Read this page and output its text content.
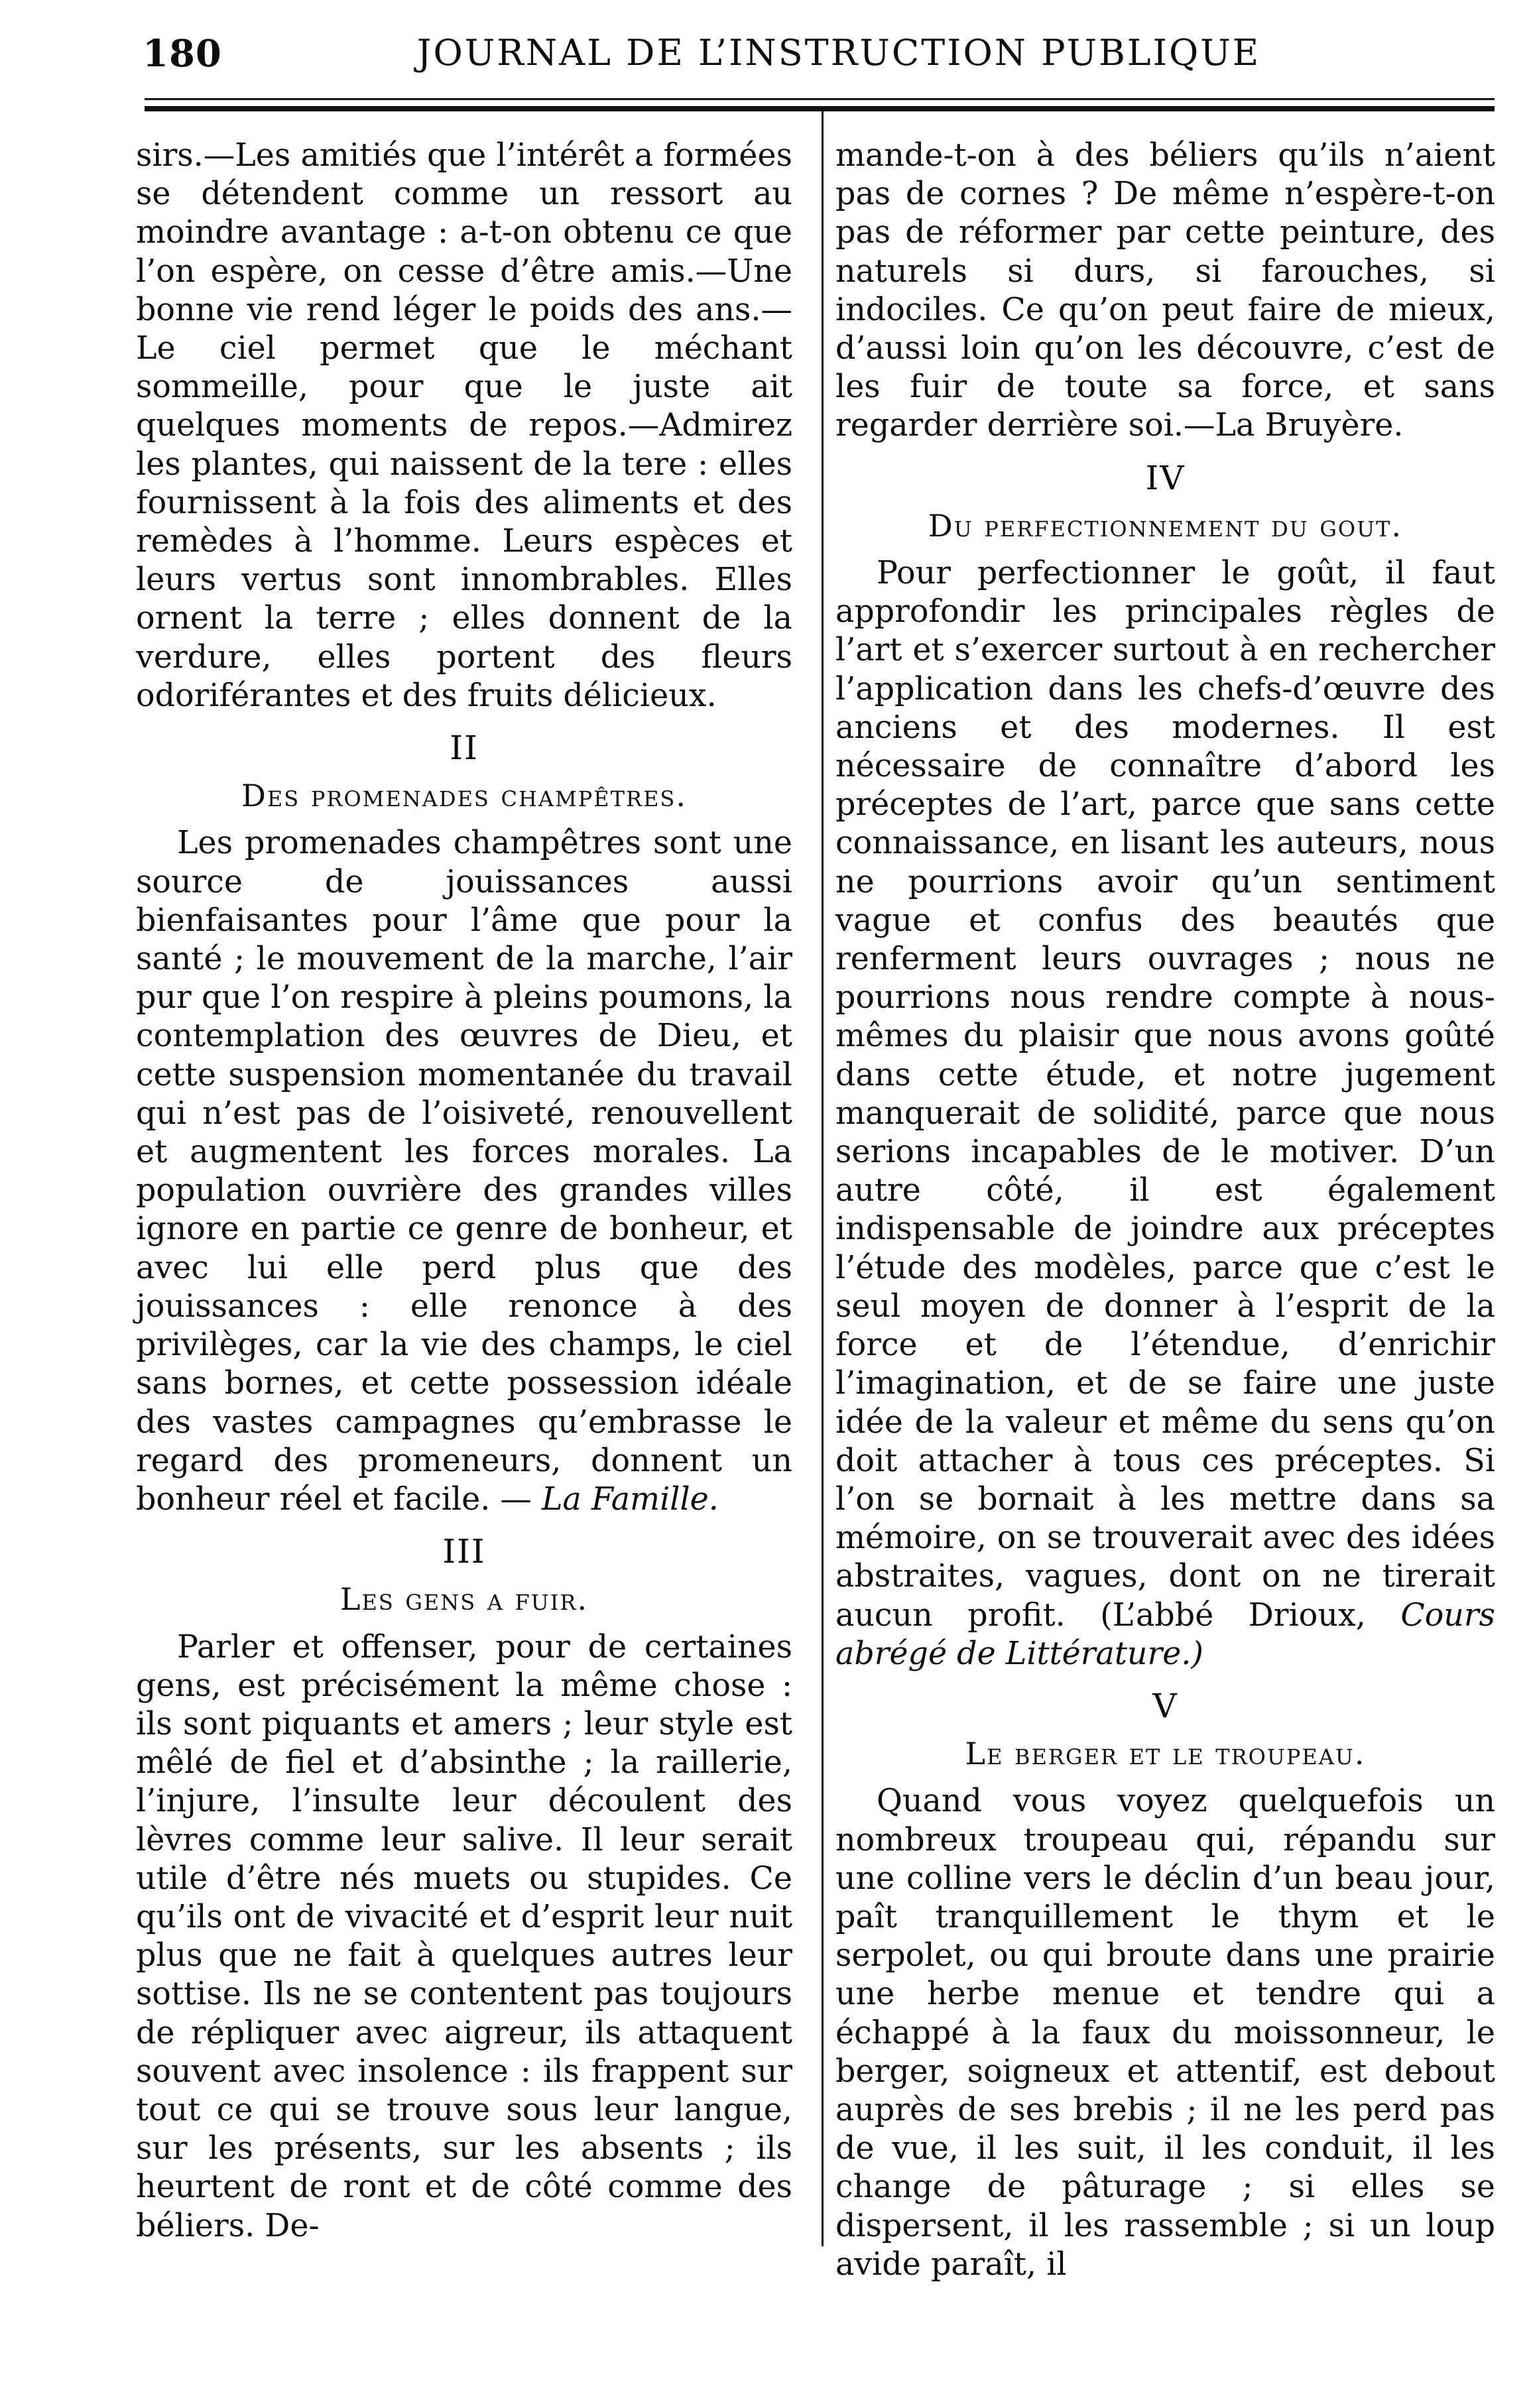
180	JOURNAL DE L’INSTRUCTION PUBLIQUE

sirs.—Les amitiés que l’intérêt a formées se détendent comme un ressort au moindre avantage : a-t-on obtenu ce que l’on espère, on cesse d’être amis.—Une bonne vie rend léger le poids des ans.—Le ciel permet que le méchant sommeille, pour que le juste ait quelques moments de repos.—Admirez les plantes, qui naissent de la tere : elles fournissent à la fois des aliments et des remèdes à l’homme. Leurs espèces et leurs vertus sont innombrables. Elles ornent la terre ; elles donnent de la verdure, elles portent des fleurs odoriférantes et des fruits délicieux.

II
Des promenades champêtres.

Les promenades champêtres sont une source de jouissances aussi bienfaisantes pour l’âme que pour la santé ; le mouvement de la marche, l’air pur que l’on respire à pleins poumons, la contemplation des œuvres de Dieu, et cette suspension momentanée du travail qui n’est pas de l’oisiveté, renouvellent et augmentent les forces morales. La population ouvrière des grandes villes ignore en partie ce genre de bonheur, et avec lui elle perd plus que des jouissances : elle renonce à des privilèges, car la vie des champs, le ciel sans bornes, et cette possession idéale des vastes campagnes qu’embrasse le regard des promeneurs, donnent un bonheur réel et facile. — La Famille.

III
Les gens a fuir.

Parler et offenser, pour de certaines gens, est précisément la même chose : ils sont piquants et amers ; leur style est mêlé de fiel et d’absinthe ; la raillerie, l’injure, l’insulte leur découlent des lèvres comme leur salive. Il leur serait utile d’être nés muets ou stupides. Ce qu’ils ont de vivacité et d’esprit leur nuit plus que ne fait à quelques autres leur sottise. Ils ne se contentent pas toujours de répliquer avec aigreur, ils attaquent souvent avec insolence : ils frappent sur tout ce qui se trouve sous leur langue, sur les présents, sur les absents ; ils heurtent de ront et de côté comme des béliers. De-

mande-t-on à des béliers qu’ils n’aient pas de cornes ? De même n’espère-t-on pas de réformer par cette peinture, des naturels si durs, si farouches, si indociles. Ce qu’on peut faire de mieux, d’aussi loin qu’on les découvre, c’est de les fuir de toute sa force, et sans regarder derrière soi.—La Bruyère.

IV
Du perfectionnement du gout.

Pour perfectionner le goût, il faut approfondir les principales règles de l’art et s’exercer surtout à en rechercher l’application dans les chefs-d’œuvre des anciens et des modernes. Il est nécessaire de connaître d’abord les préceptes de l’art, parce que sans cette connaissance, en lisant les auteurs, nous ne pourrions avoir qu’un sentiment vague et confus des beautés que renferment leurs ouvrages ; nous ne pourrions nous rendre compte à nous-mêmes du plaisir que nous avons goûté dans cette étude, et notre jugement manquerait de solidité, parce que nous serions incapables de le motiver. D’un autre côté, il est également indispensable de joindre aux préceptes l’étude des modèles, parce que c’est le seul moyen de donner à l’esprit de la force et de l’étendue, d’enrichir l’imagination, et de se faire une juste idée de la valeur et même du sens qu’on doit attacher à tous ces préceptes. Si l’on se bornait à les mettre dans sa mémoire, on se trouverait avec des idées abstraites, vagues, dont on ne tirerait aucun profit. (L’abbé Drioux, Cours abrégé de Littérature.)

V
Le berger et le troupeau.

Quand vous voyez quelquefois un nombreux troupeau qui, répandu sur une colline vers le déclin d’un beau jour, paît tranquillement le thym et le serpolet, ou qui broute dans une prairie une herbe menue et tendre qui a échappé à la faux du moissonneur, le berger, soigneux et attentif, est debout auprès de ses brebis ; il ne les perd pas de vue, il les suit, il les conduit, il les change de pâturage ; si elles se dispersent, il les rassemble ; si un loup avide paraît, il
